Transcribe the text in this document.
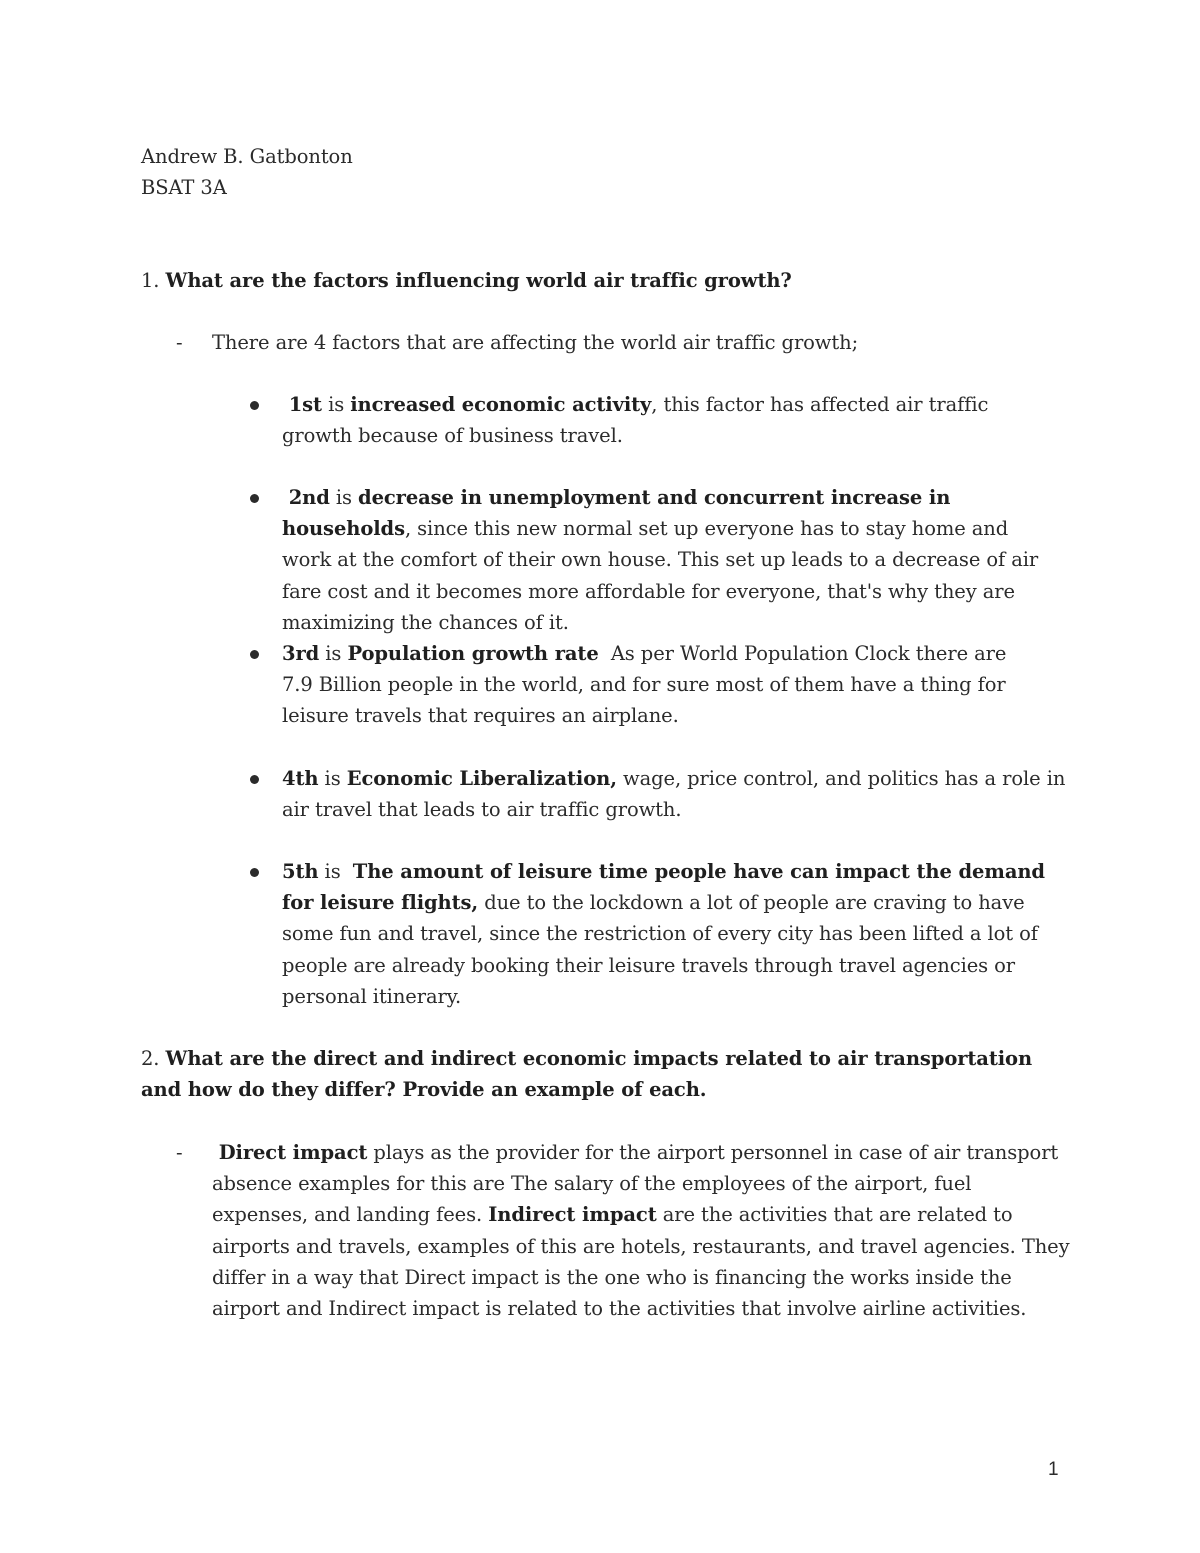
Andrew B. Gatbonton
BSAT 3A
1. What are the factors influencing world air traffic growth?
- There are 4 factors that are affecting the world air traffic growth;
1st is increased economic activity, this factor has affected air traffic growth because of business travel.
2nd is decrease in unemployment and concurrent increase in households, since this new normal set up everyone has to stay home and work at the comfort of their own house. This set up leads to a decrease of air fare cost and it becomes more affordable for everyone, that's why they are maximizing the chances of it.
3rd is Population growth rate  As per World Population Clock there are 7.9 Billion people in the world, and for sure most of them have a thing for leisure travels that requires an airplane.
4th is Economic Liberalization, wage, price control, and politics has a role in air travel that leads to air traffic growth.
5th is  The amount of leisure time people have can impact the demand for leisure flights, due to the lockdown a lot of people are craving to have some fun and travel, since the restriction of every city has been lifted a lot of people are already booking their leisure travels through travel agencies or personal itinerary.
2. What are the direct and indirect economic impacts related to air transportation and how do they differ? Provide an example of each.
-	Direct impact plays as the provider for the airport personnel in case of air transport absence examples for this are The salary of the employees of the airport, fuel expenses, and landing fees. Indirect impact are the activities that are related to airports and travels, examples of this are hotels, restaurants, and travel agencies. They differ in a way that Direct impact is the one who is financing the works inside the airport and Indirect impact is related to the activities that involve airline activities.
1
